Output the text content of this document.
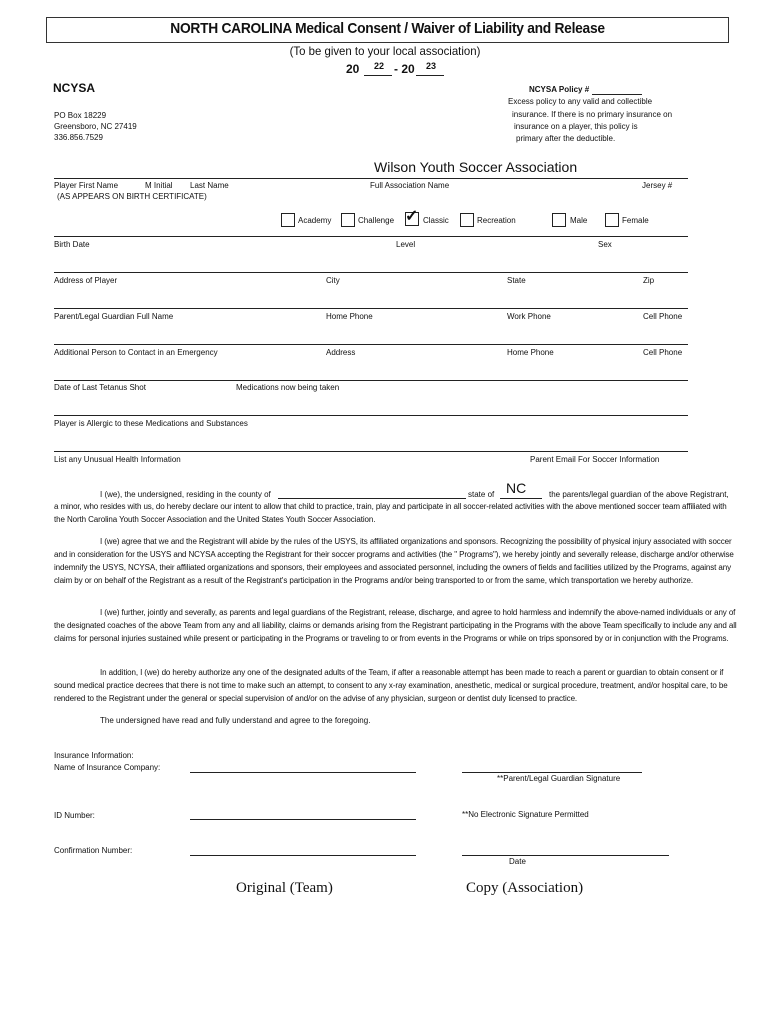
NORTH CAROLINA Medical Consent / Waiver of Liability and Release
(To be given to your local association)
20	22 - 20	23
NCYSA
PO Box 18229
Greensboro, NC 27419
336.856.7529
NCYSA Policy #
Excess policy to any valid and collectible
insurance. If there is no primary insurance on
insurance on a player, this policy is
primary after the deductible.
Wilson Youth Soccer Association
Player First Name	M Initial Last Name	Full Association Name	Jersey #
(AS APPEARS ON BIRTH CERTIFICATE)
Academy	Challenge ✓ Classic	Recreation	Male	Female
Birth Date	Level	Sex
Address of Player	City	State	Zip
Parent/Legal Guardian Full Name	Home Phone	Work Phone	Cell Phone
Additional Person to Contact in an Emergency	Address	Home Phone	Cell Phone
Date of Last Tetanus Shot	Medications now being taken
Player is Allergic to these Medications and Substances
List any Unusual Health Information	Parent Email For Soccer Information
I (we), the undersigned, residing in the county of	state of NC	the parents/legal guardian of the above Registrant,
a minor, who resides with us, do hereby declare our intent to allow that child to practice, train, play and participate in all soccer-related activities with the above mentioned soccer team affiliated with the North Carolina Youth Soccer Association and the United States Youth Soccer Association.
I (we) agree that we and the Registrant will abide by the rules of the USYS, its affiliated organizations and sponsors. Recognizing the possibility of physical injury associated with soccer and in consideration for the USYS and NCYSA accepting the Registrant for their soccer programs and activities (the " Programs"), we hereby jointly and severally release, discharge and/or otherwise indemnify the USYS, NCYSA, their affiliated organizations and sponsors, their employees and associated personnel, including the owners of fields and facilities utilized by the Programs, against any claim by or on behalf of the Registrant as a result of the Registrant's participation in the Programs and/or being transported to or from the same, which transportation we hereby authorize.
I (we) further, jointly and severally, as parents and legal guardians of the Registrant, release, discharge, and agree to hold harmless and indemnify the above-named individuals or any of the designated coaches of the above Team from any and all liability, claims or demands arising from the Registrant participating in the Programs with the above Team specifically to include any and all claims for personal injuries sustained while present or participating in the Programs or traveling to or from events in the Programs or while on trips sponsored by or in conjunction with the Programs.
In addition, I (we) do hereby authorize any one of the designated adults of the Team, if after a reasonable attempt has been made to reach a parent or guardian to obtain consent or if sound medical practice decrees that there is not time to make such an attempt, to consent to any x-ray examination, anesthetic, medical or surgical procedure, treatment, and/or hospital care, to be rendered to the Registrant under the general or special supervision of and/or on the advise of any physician, surgeon or dentist duly licensed to practice.
The undersigned have read and fully understand and agree to the foregoing.
Insurance Information:
Name of Insurance Company:
**Parent/Legal Guardian Signature
ID Number:	**No Electronic Signature Permitted
Confirmation Number:
Date
Original (Team)	Copy (Association)
